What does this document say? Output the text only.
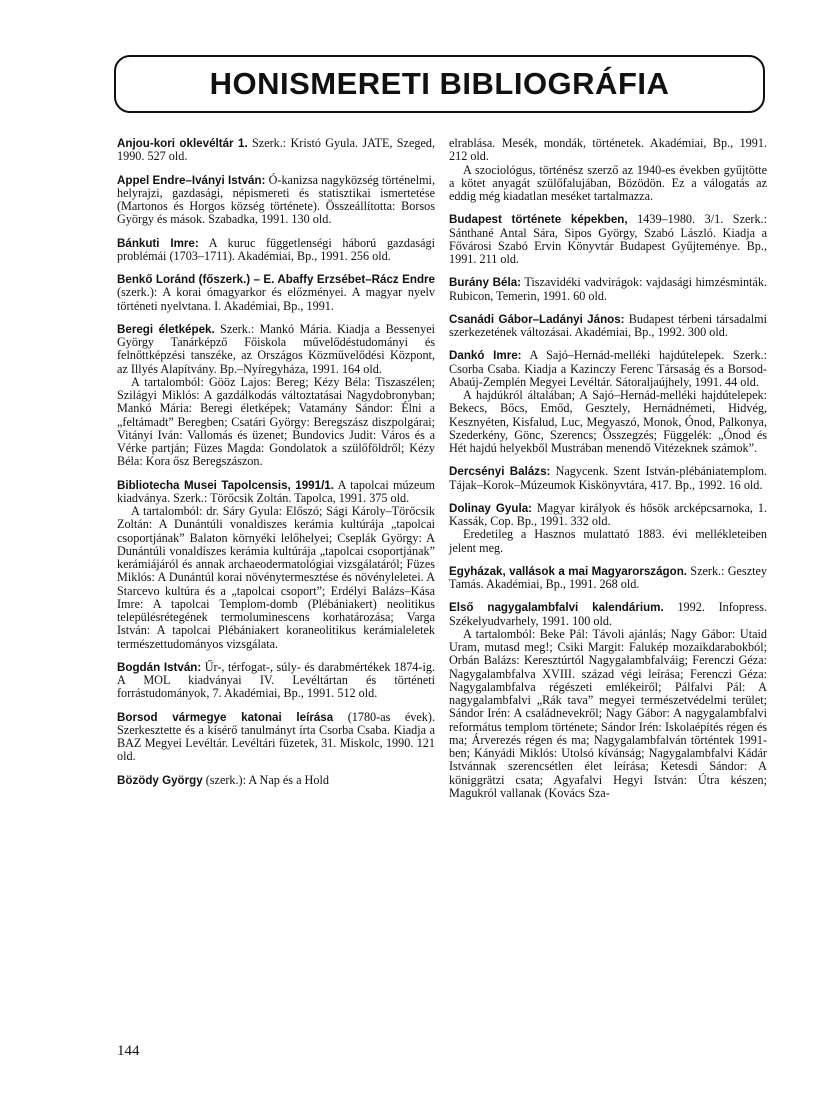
HONISMERETI BIBLIOGRÁFIA

Anjou-kori oklevéltár 1. Szerk.: Kristó Gyula. JATE, Szeged, 1990. 527 old.

Appel Endre–Iványi István: Ó-kanizsa nagyközség történelmi, helyrajzi, gazdasági, népismereti és statisztikai ismertetése (Martonos és Horgos község története). Összeállította: Borsos György és mások. Szabadka, 1991. 130 old.

Bánkuti Imre: A kuruc függetlenségi háború gazdasági problémái (1703–1711). Akadémiai, Bp., 1991. 256 old.

Benkő Loránd (főszerk.) – E. Abaffy Erzsébet–Rácz Endre (szerk.): A korai ómagyarkor és előzményei. A magyar nyelv történeti nyelvtana. I. Akadémiai, Bp., 1991.

Beregi életképek. Szerk.: Mankó Mária. Kiadja a Bessenyei György Tanárképző Főiskola művelődéstudományi és felnőttképzési tanszéke, az Országos Közművelődési Központ, az Illyés Alapítvány. Bp.–Nyíregyháza, 1991. 164 old.

A tartalomból: Gööz Lajos: Bereg; Kézy Béla: Tiszaszélen; Szilágyi Miklós: A gazdálkodás változtatásai Nagydobronyban; Mankó Mária: Beregi életképek; Vatamány Sándor: Élni a „feltámadt” Beregben; Csatári György: Beregszász diszpolgárai; Vitányi Iván: Vallomás és üzenet; Bundovics Judit: Város és a Vérke partján; Füzes Magda: Gondolatok a szülőföldről; Kézy Béla: Kora ősz Beregszászon.

Bibliotecha Musei Tapolcensis, 1991/1. A tapolcai múzeum kiadványa. Szerk.: Törőcsik Zoltán. Tapolca, 1991. 375 old.

A tartalomból: dr. Sáry Gyula: Előszó; Sági Károly–Törőcsik Zoltán: A Dunántúli vonaldiszes kerámia kultúrája „tapolcai csoportjának” Balaton környéki lelőhelyei; Cseplák György: A Dunántúli vonaldíszes kerámia kultúrája „tapolcai csoportjának” kerámiájáról és annak archaeodermatológiai vizsgálatáról; Füzes Miklós: A Dunántúl korai növénytermesztése és növényleletei. A Starcevo kultúra és a „tapolcai csoport”; Erdélyi Balázs–Kása Imre: A tapolcai Templom-domb (Plébániakert) neolitikus településrétegének termoluminescens korhatározása; Varga István: A tapolcai Plébániakert koraneolitikus kerámialeletek természettudományos vizsgálata.

Bogdán István: Űr-, térfogat-, súly- és darabmértékek 1874-ig. A MOL kiadványai IV. Levéltártan és történeti forrástudományok, 7. Akadémiai, Bp., 1991. 512 old.

Borsod vármegye katonai leírása (1780-as évek). Szerkesztette és a kísérő tanulmányt írta Csorba Csaba. Kiadja a BAZ Megyei Levéltár. Levéltári füzetek, 31. Miskolc, 1990. 121 old.

Bözödy György (szerk.): A Nap és a Hold

elrablása. Mesék, mondák, történetek. Akadémiai, Bp., 1991. 212 old.

A szociológus, történész szerző az 1940-es években gyűjtötte a kötet anyagát szülőfalujában, Bözödön. Ez a válogatás az eddig még kiadatlan meséket tartalmazza.

Budapest története képekben, 1439–1980. 3/1. Szerk.: Sánthané Antal Sára, Sipos György, Szabó László. Kiadja a Fővárosi Szabó Ervin Könyvtár Budapest Gyűjteménye. Bp., 1991. 211 old.

Burány Béla: Tiszavidéki vadvirágok: vajdasági himzésminták. Rubicon, Temerin, 1991. 60 old.

Csanádi Gábor–Ladányi János: Budapest térbeni társadalmi szerkezetének változásai. Akadémiai, Bp., 1992. 300 old.

Dankó Imre: A Sajó–Hernád-melléki hajdútelepek. Szerk.: Csorba Csaba. Kiadja a Kazinczy Ferenc Társaság és a Borsod-Abaúj-Zemplén Megyei Levéltár. Sátoraljaújhely, 1991. 44 old.

A hajdúkról általában; A Sajó–Hernád-melléki hajdútelepek: Bekecs, Bőcs, Emőd, Gesztely, Hernádnémeti, Hidvég, Kesznyéten, Kisfalud, Luc, Megyaszó, Monok, Ónod, Palkonya, Szederkény, Gönc, Szerencs; Összegzés; Függelék: „Ónod és Hét hajdú helyekből Mustrában menendő Vitézeknek számok”.

Dercsényi Balázs: Nagycenk. Szent István-plébániatemplom. Tájak–Korok–Múzeumok Kiskönyvtára, 417. Bp., 1992. 16 old.

Dolinay Gyula: Magyar királyok és hősök arcképcsarnoka, 1. Kassák, Cop. Bp., 1991. 332 old.

Eredetileg a Hasznos mulattató 1883. évi mellékleteiben jelent meg.

Egyházak, vallások a mai Magyarországon. Szerk.: Gesztey Tamás. Akadémiai, Bp., 1991. 268 old.

Első nagygalambfalvi kalendárium. 1992. Infopress. Székelyudvarhely, 1991. 100 old.

A tartalomból: Beke Pál: Távoli ajánlás; Nagy Gábor: Utaid Uram, mutasd meg!; Csiki Margit: Falukép mozaikdarabokból; Orbán Balázs: Keresztúrtól Nagygalambfalváig; Ferenczi Géza: Nagygalambfalva XVIII. század végi leírása; Ferenczi Géza: Nagygalambfalva régészeti emlékeiről; Pálfalvi Pál: A nagygalambfalvi „Rák tava” megyei természetvédelmi terület; Sándor Irén: A családnevekről; Nagy Gábor: A nagygalambfalvi református templom története; Sándor Irén: Iskolaépítés régen és ma; Árverezés régen és ma; Nagygalambfalván történtek 1991-ben; Kányádi Miklós: Utolsó kívánság; Nagygalambfalvi Kádár Istvánnak szerencsétlen élet leírása; Ketesdi Sándor: A königgrätzi csata; Agyafalvi Hegyi István: Útra készen; Magukról vallanak (Kovács Sza-

144
